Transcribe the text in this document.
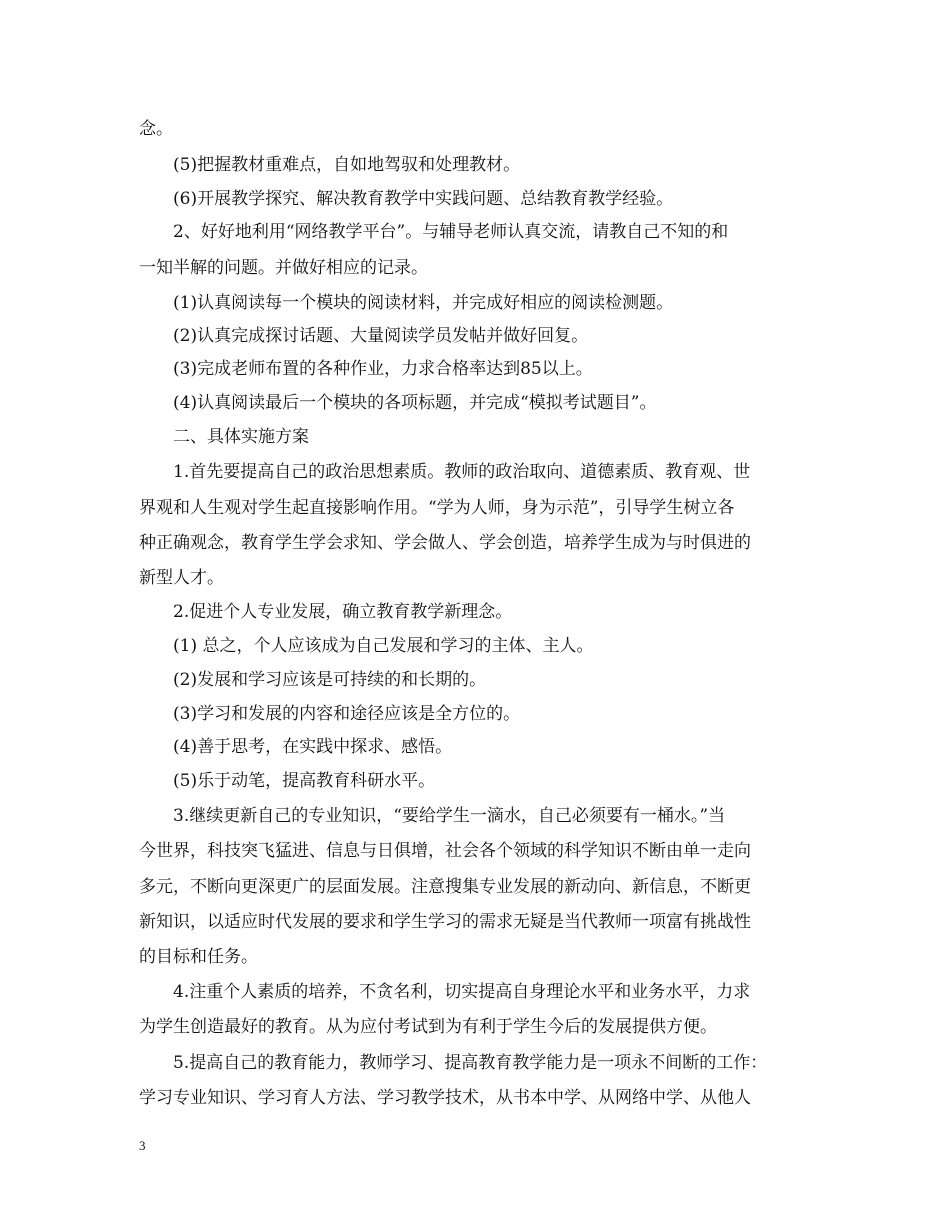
念。
(5)把握教材重难点，自如地驾驭和处理教材。
(6)开展教学探究、解决教育教学中实践问题、总结教育教学经验。
2、好好地利用“网络教学平台”。与辅导老师认真交流，请教自己不知的和
一知半解的问题。并做好相应的记录。
(1)认真阅读每一个模块的阅读材料，并完成好相应的阅读检测题。
(2)认真完成探讨话题、大量阅读学员发帖并做好回复。
(3)完成老师布置的各种作业，力求合格率达到85以上。
(4)认真阅读最后一个模块的各项标题，并完成“模拟考试题目”。
二、具体实施方案
1.首先要提高自己的政治思想素质。教师的政治取向、道德素质、教育观、世
界观和人生观对学生起直接影响作用。“学为人师，身为示范”，引导学生树立各
种正确观念，教育学生学会求知、学会做人、学会创造，培养学生成为与时俱进的
新型人才。
2.促进个人专业发展，确立教育教学新理念。
(1) 总之，个人应该成为自己发展和学习的主体、主人。
(2)发展和学习应该是可持续的和长期的。
(3)学习和发展的内容和途径应该是全方位的。
(4)善于思考，在实践中探求、感悟。
(5)乐于动笔，提高教育科研水平。
3.继续更新自己的专业知识，“要给学生一滴水，自己必须要有一桶水。”当
今世界，科技突飞猛进、信息与日俱增，社会各个领域的科学知识不断由单一走向
多元，不断向更深更广的层面发展。注意搜集专业发展的新动向、新信息，不断更
新知识，以适应时代发展的要求和学生学习的需求无疑是当代教师一项富有挑战性
的目标和任务。
4.注重个人素质的培养，不贪名利，切实提高自身理论水平和业务水平，力求
为学生创造最好的教育。从为应付考试到为有利于学生今后的发展提供方便。
5.提高自己的教育能力，教师学习、提高教育教学能力是一项永不间断的工作：
学习专业知识、学习育人方法、学习教学技术，从书本中学、从网络中学、从他人
3
